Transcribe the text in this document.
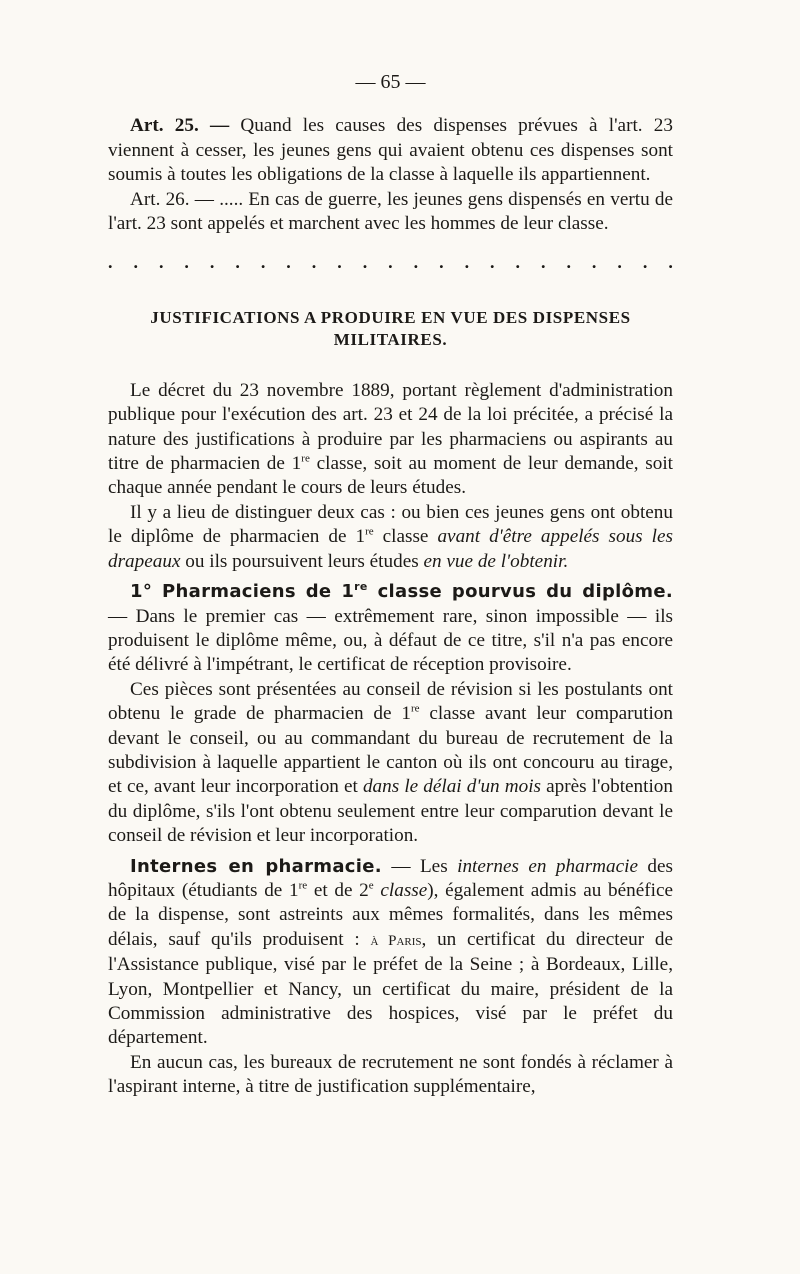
— 65 —

Art. 25. — Quand les causes des dispenses prévues à l'art. 23 viennent à cesser, les jeunes gens qui avaient obtenu ces dispenses sont soumis à toutes les obligations de la classe à laquelle ils appartiennent.

Art. 26. — ..... En cas de guerre, les jeunes gens dispensés en vertu de l'art. 23 sont appelés et marchent avec les hommes de leur classe.

. . . . . . . . . . . . . . . . . . . . . . .
JUSTIFICATIONS A PRODUIRE EN VUE DES DISPENSES
MILITAIRES.

Le décret du 23 novembre 1889, portant règlement d'administration publique pour l'exécution des art. 23 et 24 de la loi précitée, a précisé la nature des justifications à produire par les pharmaciens ou aspirants au titre de pharmacien de 1re classe, soit au moment de leur demande, soit chaque année pendant le cours de leurs études.

Il y a lieu de distinguer deux cas : ou bien ces jeunes gens ont obtenu le diplôme de pharmacien de 1re classe avant d'être appelés sous les drapeaux ou ils poursuivent leurs études en vue de l'obtenir.

1° Pharmaciens de 1re classe pourvus du diplôme. — Dans le premier cas — extrêmement rare, sinon impossible — ils produisent le diplôme même, ou, à défaut de ce titre, s'il n'a pas encore été délivré à l'impétrant, le certificat de réception provisoire.

Ces pièces sont présentées au conseil de révision si les postulants ont obtenu le grade de pharmacien de 1re classe avant leur comparution devant le conseil, ou au commandant du bureau de recrutement de la subdivision à laquelle appartient le canton où ils ont concouru au tirage, et ce, avant leur incorporation et dans le délai d'un mois après l'obtention du diplôme, s'ils l'ont obtenu seulement entre leur comparution devant le conseil de révision et leur incorporation.

Internes en pharmacie. — Les internes en pharmacie des hôpitaux (étudiants de 1re et de 2e classe), également admis au bénéfice de la dispense, sont astreints aux mêmes formalités, dans les mêmes délais, sauf qu'ils produisent : à Paris, un certificat du directeur de l'Assistance publique, visé par le préfet de la Seine ; à Bordeaux, Lille, Lyon, Montpellier et Nancy, un certificat du maire, président de la Commission administrative des hospices, visé par le préfet du département.

En aucun cas, les bureaux de recrutement ne sont fondés à réclamer à l'aspirant interne, à titre de justification supplémentaire,
